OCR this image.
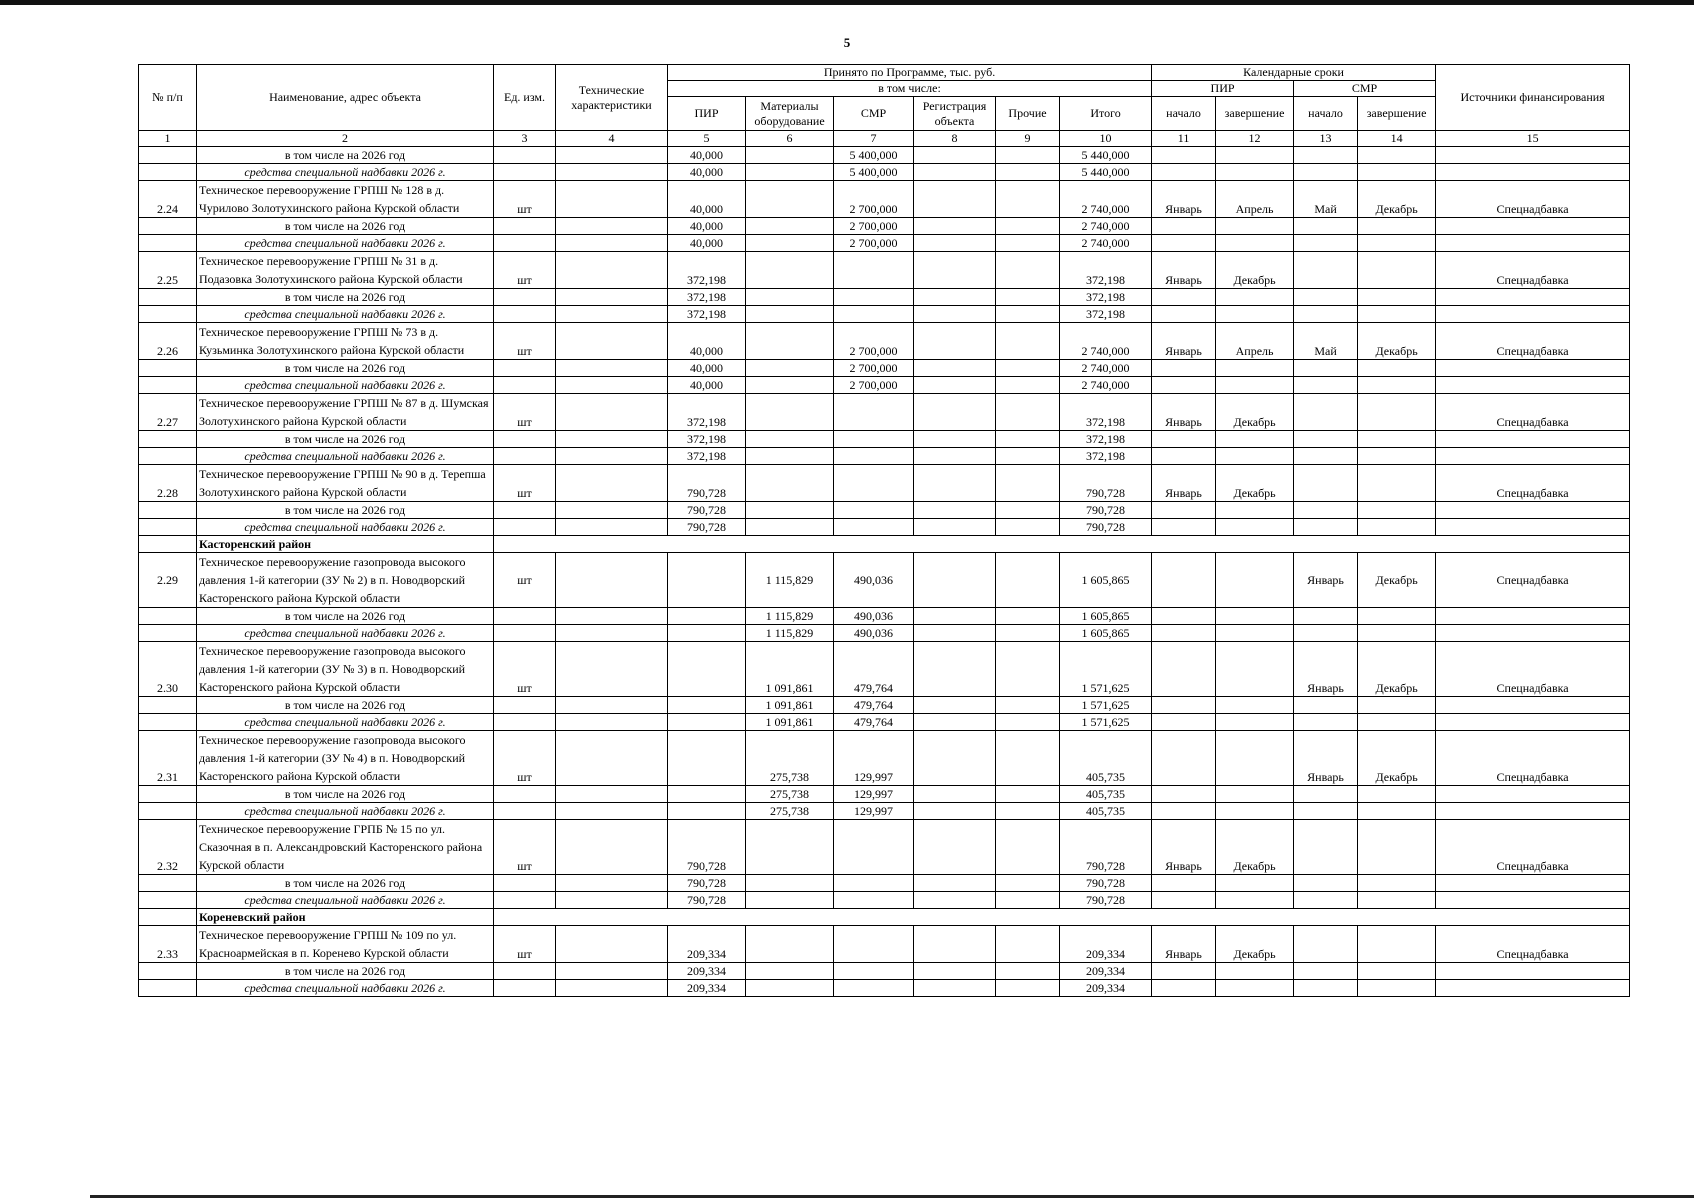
5
№ п/п	Наименование, адрес объекта	Ед. изм.	Технические характеристики	Принято по Программе, тыс. руб.						Календарные сроки				Источники финансирования
				в том числе:						ПИР		СМР		
				ПИР	Материалы оборудование	СМР	Регистрация объекта	Прочие	Итого	начало	завершение	начало	завершение	
1	2	3	4	5	6	7	8	9	10	11	12	13	14	15
	в том числе на 2026 год			40,000		5 400,000			5 440,000					
	средства специальной надбавки 2026 г.			40,000		5 400,000			5 440,000					
2.24	Техническое перевооружение ГРПШ № 128 в д. Чурилово Золотухинского района Курской области	шт		40,000		2 700,000			2 740,000	Январь	Апрель	Май	Декабрь	Спецнадбавка
	в том числе на 2026 год			40,000		2 700,000			2 740,000					
	средства специальной надбавки 2026 г.			40,000		2 700,000			2 740,000					
2.25	Техническое перевооружение ГРПШ № 31 в д. Подазовка Золотухинского района Курской области	шт		372,198					372,198	Январь	Декабрь			Спецнадбавка
	в том числе на 2026 год			372,198					372,198					
	средства специальной надбавки 2026 г.			372,198					372,198					
2.26	Техническое перевооружение ГРПШ № 73 в д. Кузьминка Золотухинского района Курской области	шт		40,000		2 700,000			2 740,000	Январь	Апрель	Май	Декабрь	Спецнадбавка
	в том числе на 2026 год			40,000		2 700,000			2 740,000					
	средства специальной надбавки 2026 г.			40,000		2 700,000			2 740,000					
2.27	Техническое перевооружение ГРПШ № 87 в д. Шумская Золотухинского района Курской области	шт		372,198					372,198	Январь	Декабрь			Спецнадбавка
	в том числе на 2026 год			372,198					372,198					
	средства специальной надбавки 2026 г.			372,198					372,198					
2.28	Техническое перевооружение ГРПШ № 90 в д. Терепша Золотухинского района Курской области	шт		790,728					790,728	Январь	Декабрь			Спецнадбавка
	в том числе на 2026 год			790,728					790,728					
	средства специальной надбавки 2026 г.			790,728					790,728					
	Касторенский район													
2.29	Техническое перевооружение газопровода высокого давления 1-й категории (ЗУ № 2) в п. Новодворский Касторенского района Курской области	шт			1 115,829	490,036			1 605,865			Январь	Декабрь	Спецнадбавка
	в том числе на 2026 год				1 115,829	490,036			1 605,865					
	средства специальной надбавки 2026 г.				1 115,829	490,036			1 605,865					
2.30	Техническое перевооружение газопровода высокого давления 1-й категории (ЗУ № 3) в п. Новодворский Касторенского района Курской области	шт			1 091,861	479,764			1 571,625			Январь	Декабрь	Спецнадбавка
	в том числе на 2026 год				1 091,861	479,764			1 571,625					
	средства специальной надбавки 2026 г.				1 091,861	479,764			1 571,625					
2.31	Техническое перевооружение газопровода высокого давления 1-й категории (ЗУ № 4) в п. Новодворский Касторенского района Курской области	шт			275,738	129,997			405,735			Январь	Декабрь	Спецнадбавка
	в том числе на 2026 год				275,738	129,997			405,735					
	средства специальной надбавки 2026 г.				275,738	129,997			405,735					
2.32	Техническое перевооружение ГРПБ № 15 по ул. Сказочная в п. Александровский Касторенского района Курской области	шт		790,728					790,728	Январь	Декабрь			Спецнадбавка
	в том числе на 2026 год			790,728					790,728					
	средства специальной надбавки 2026 г.			790,728					790,728					
	Кореневский район													
2.33	Техническое перевооружение ГРПШ № 109 по ул. Красноармейская в п. Коренево Курской области	шт		209,334					209,334	Январь	Декабрь			Спецнадбавка
	в том числе на 2026 год			209,334					209,334					
	средства специальной надбавки 2026 г.			209,334					209,334					
